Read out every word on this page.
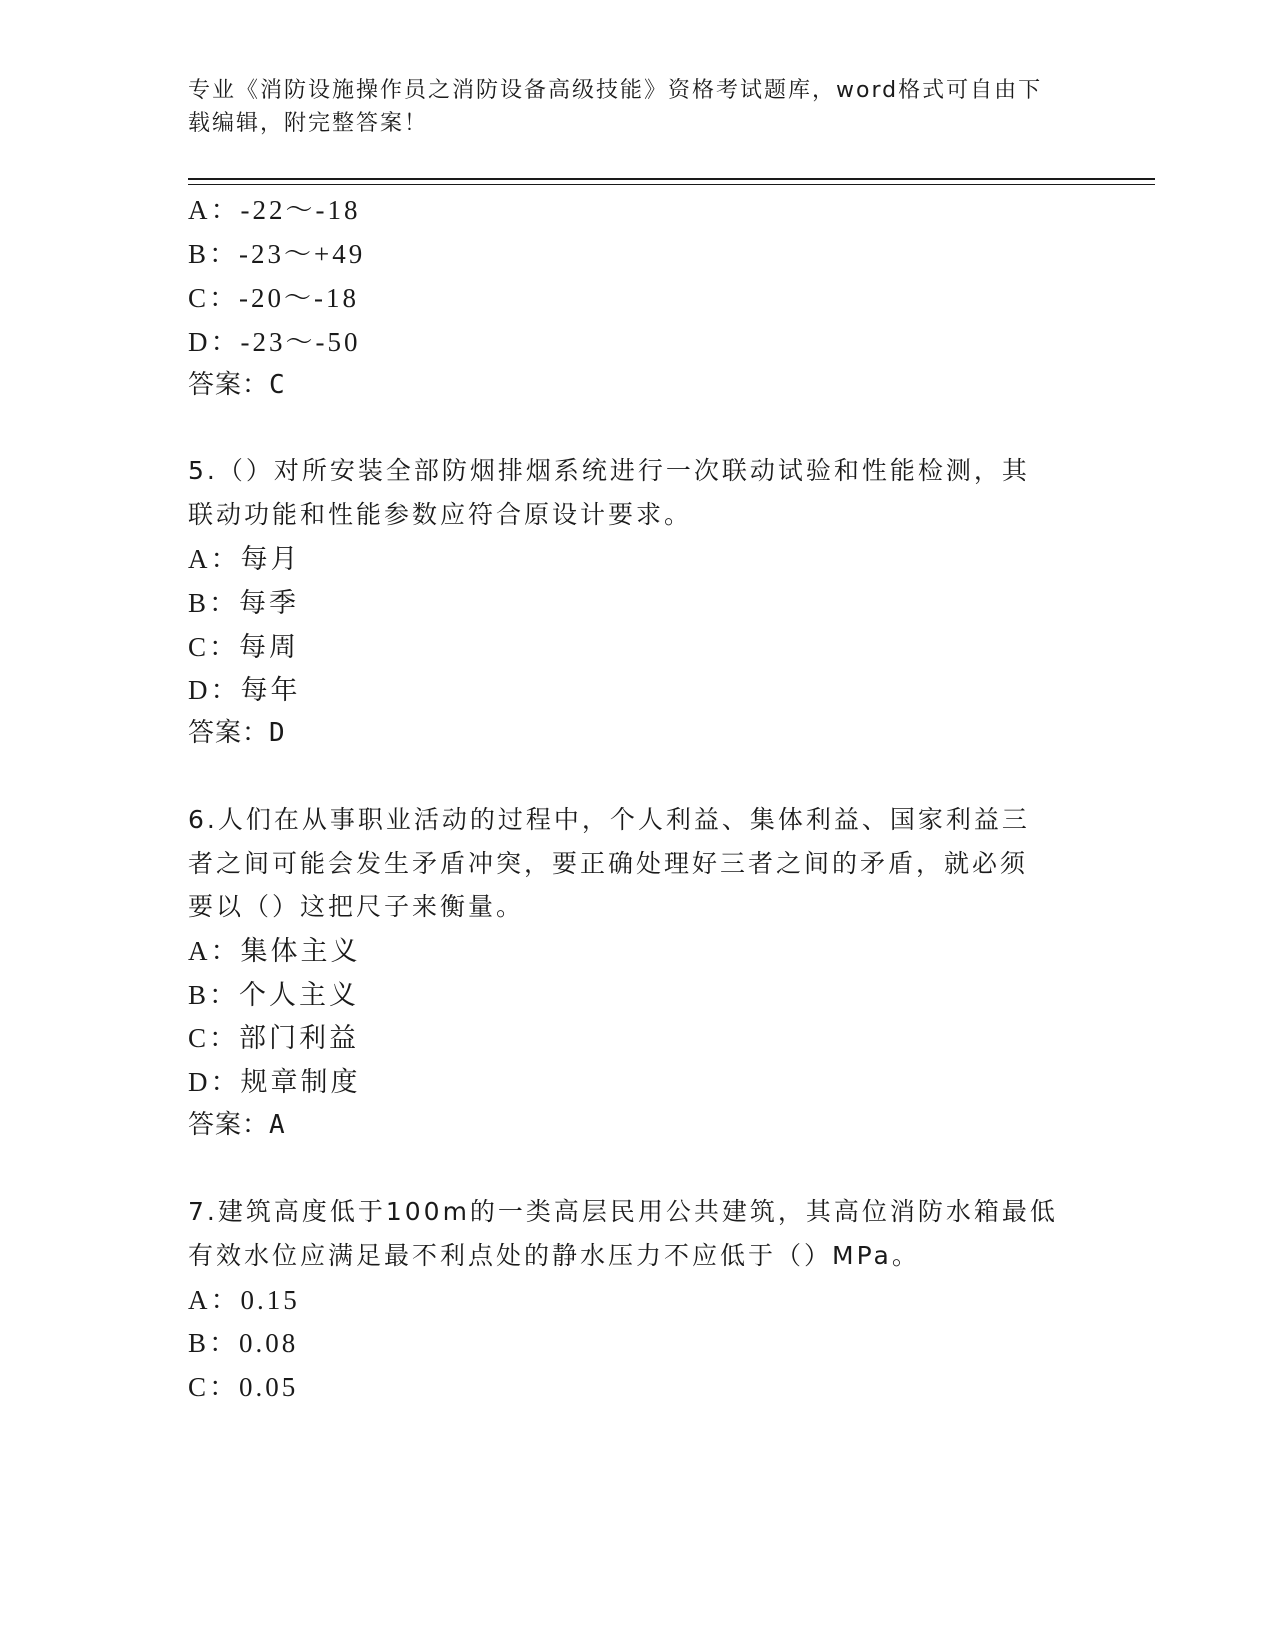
专业《消防设施操作员之消防设备高级技能》资格考试题库，word格式可自由下
载编辑，附完整答案！
A：-22～-18
B：-23～+49
C：-20～-18
D：-23～-50
答案：C
5.（）对所安装全部防烟排烟系统进行一次联动试验和性能检测，其
联动功能和性能参数应符合原设计要求。
A：每月
B：每季
C：每周
D：每年
答案：D
6.人们在从事职业活动的过程中，个人利益、集体利益、国家利益三
者之间可能会发生矛盾冲突，要正确处理好三者之间的矛盾，就必须
要以（）这把尺子来衡量。
A：集体主义
B：个人主义
C：部门利益
D：规章制度
答案：A
7.建筑高度低于100m的一类高层民用公共建筑，其高位消防水箱最低
有效水位应满足最不利点处的静水压力不应低于（）MPa。
A：0.15
B：0.08
C：0.05
